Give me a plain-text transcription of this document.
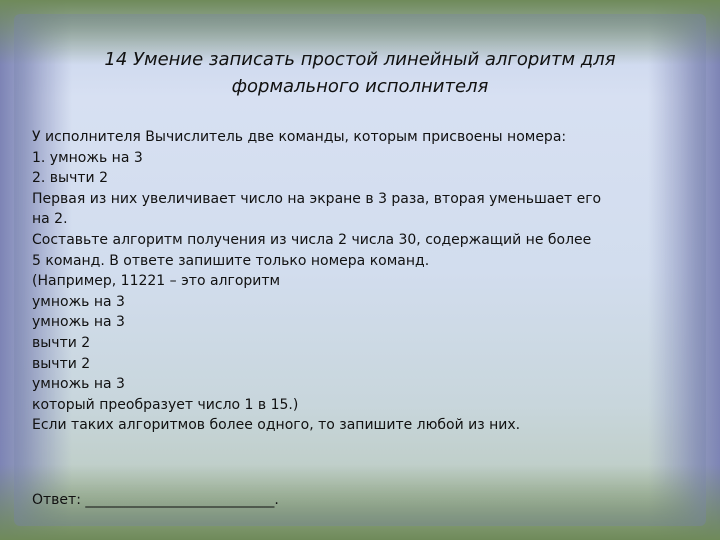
14 Умение записать простой линейный алгоритм для
формального исполнителя
У исполнителя Вычислитель две команды, которым присвоены номера:
1. умножь на 3
2. вычти 2
Первая из них увеличивает число на экране в 3 раза, вторая уменьшает его
на 2.
Составьте алгоритм получения из числа 2 числа 30, содержащий не более
5 команд. В ответе запишите только номера команд.
(Например, 11221 – это алгоритм
умножь на 3
умножь на 3
вычти 2
вычти 2
умножь на 3
который преобразует число 1 в 15.)
Если таких алгоритмов более одного, то запишите любой из них.
Ответ: ___________________________.
